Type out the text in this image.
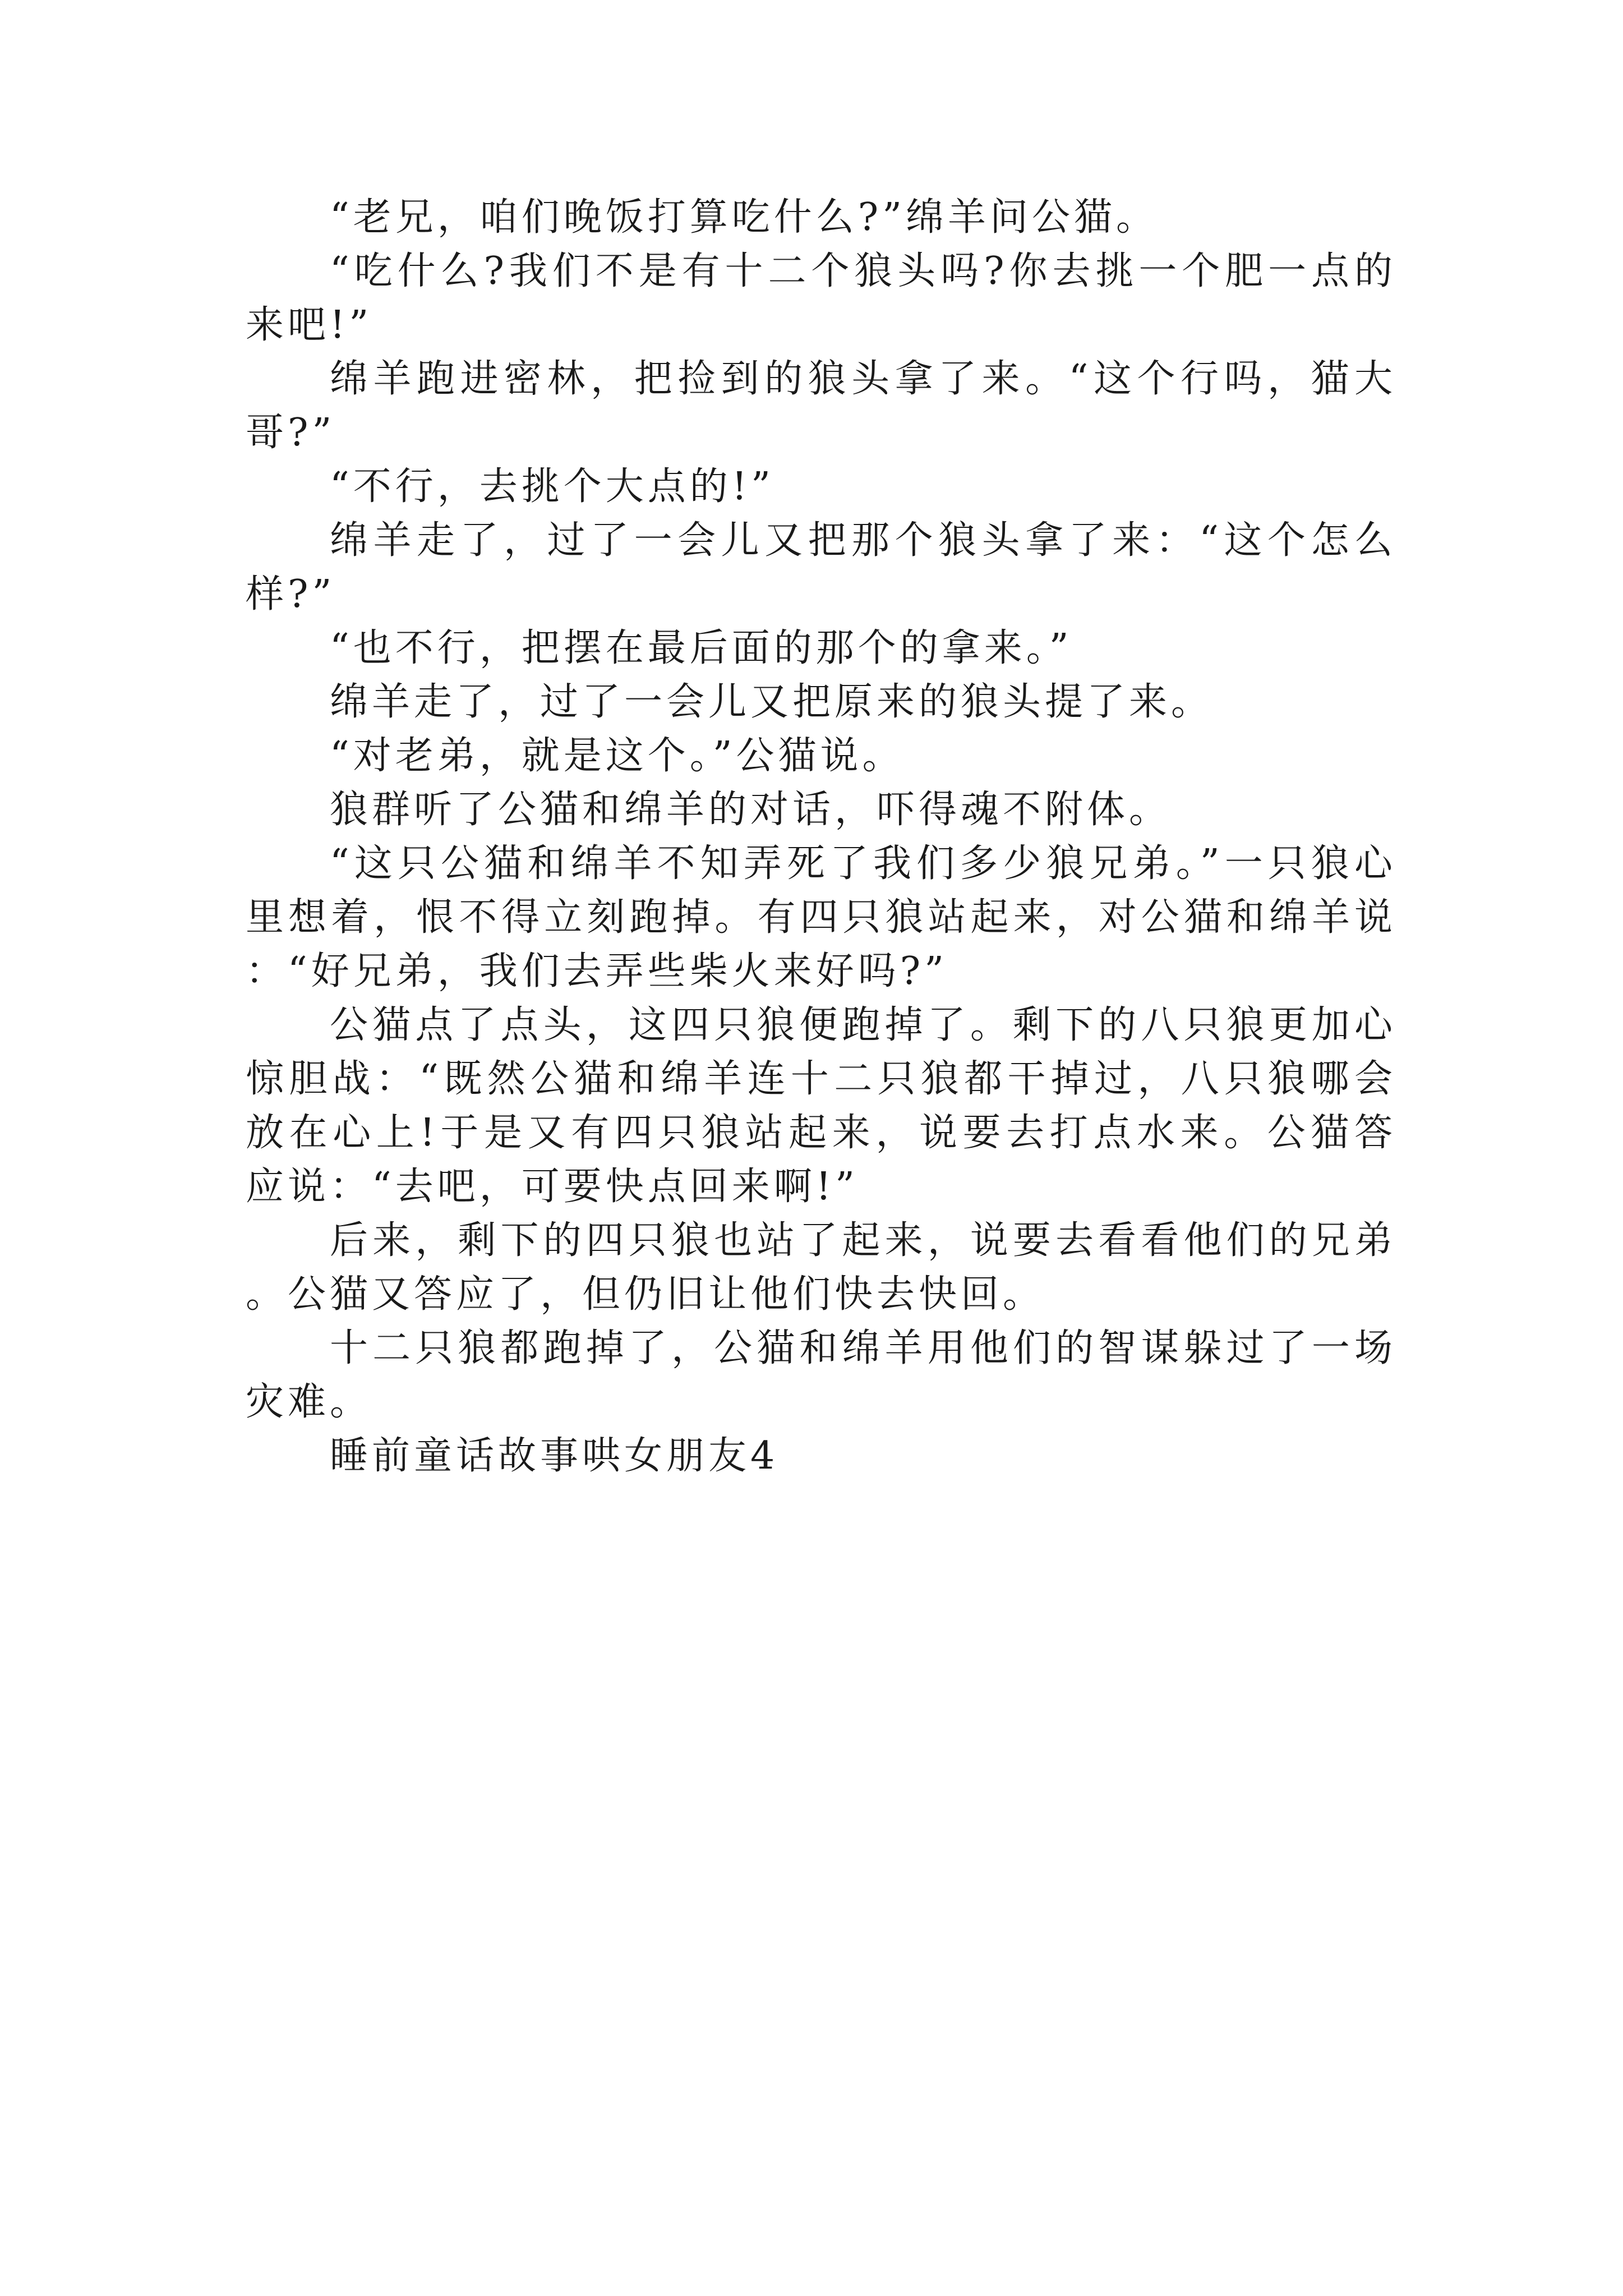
“老兄，咱们晚饭打算吃什么?”绵羊问公猫。

“吃什么?我们不是有十二个狼头吗?你去挑一个肥一点的来吧!”

绵羊跑进密林，把捡到的狼头拿了来。“这个行吗，猫大哥?”

“不行，去挑个大点的!”

绵羊走了，过了一会儿又把那个狼头拿了来：“这个怎么样?”

“也不行，把摆在最后面的那个的拿来。”

绵羊走了，过了一会儿又把原来的狼头提了来。

“对老弟，就是这个。”公猫说。

狼群听了公猫和绵羊的对话，吓得魂不附体。

“这只公猫和绵羊不知弄死了我们多少狼兄弟。”一只狼心里想着，恨不得立刻跑掉。有四只狼站起来，对公猫和绵羊说：“好兄弟，我们去弄些柴火来好吗?”

公猫点了点头，这四只狼便跑掉了。剩下的八只狼更加心惊胆战：“既然公猫和绵羊连十二只狼都干掉过，八只狼哪会放在心上!于是又有四只狼站起来，说要去打点水来。公猫答应说：“去吧，可要快点回来啊!”

后来，剩下的四只狼也站了起来，说要去看看他们的兄弟。公猫又答应了，但仍旧让他们快去快回。

十二只狼都跑掉了，公猫和绵羊用他们的智谋躲过了一场灾难。

睡前童话故事哄女朋友4
